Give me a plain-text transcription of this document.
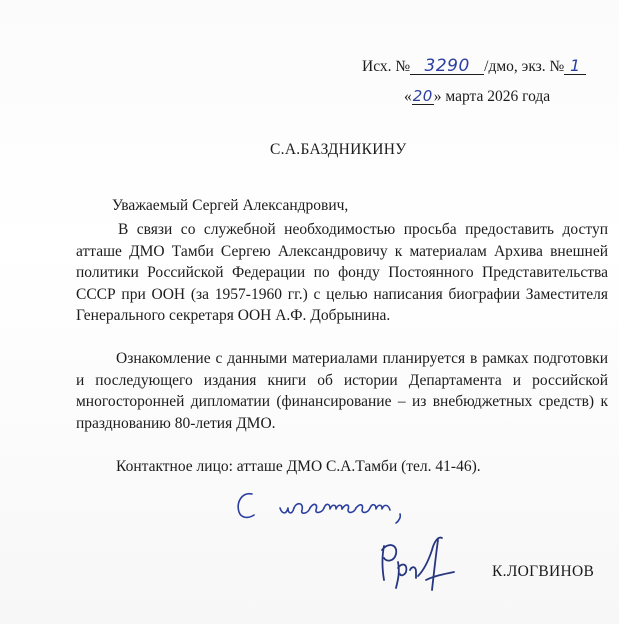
Исх. № 3290 /дмо, экз. № 1
«20» марта 2026 года
С.А.БАЗДНИКИНУ
Уважаемый Сергей Александрович,
В связи со служебной необходимостью просьба предоставить доступ атташе ДМО Тамби Сергею Александровичу к материалам Архива внешней политики Российской Федерации по фонду Постоянного Представительства СССР при ООН (за 1957-1960 гг.) с целью написания биографии Заместителя Генерального секретаря ООН А.Ф. Добрынина.
Ознакомление с данными материалами планируется в рамках подготовки и последующего издания книги об истории Департамента и российской многосторонней дипломатии (финансирование – из внебюджетных средств) к празднованию 80-летия ДМО.
Контактное лицо: атташе ДМО С.А.Тамби (тел. 41-46).
К.ЛОГВИНОВ
